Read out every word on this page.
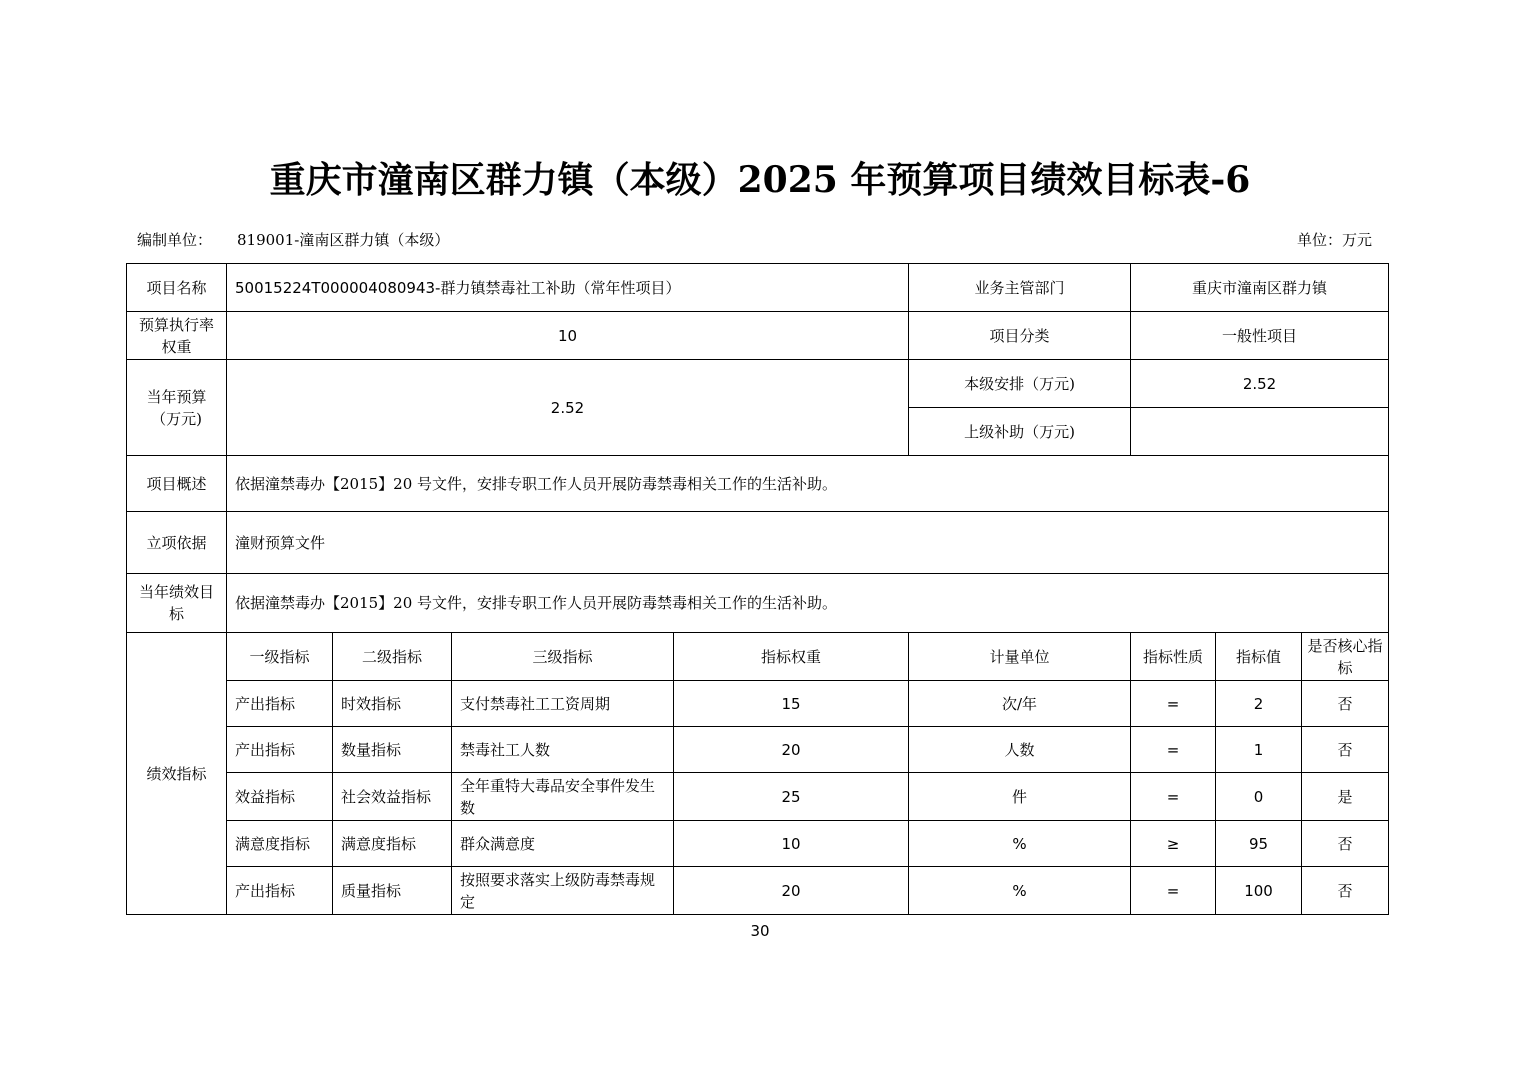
重庆市潼南区群力镇（本级）2025 年预算项目绩效目标表-6
编制单位： 819001-潼南区群力镇（本级）	单位：万元
项目名称	50015224T000004080943-群力镇禁毒社工补助（常年性项目）				业务主管部门	重庆市潼南区群力镇		
预算执行率权重	10				项目分类	一般性项目		
当年预算（万元)	2.52				本级安排（万元)	2.52		
					上级补助（万元)			
项目概述	依据潼禁毒办【2015】20 号文件，安排专职工作人员开展防毒禁毒相关工作的生活补助。							
立项依据	潼财预算文件							
当年绩效目标	依据潼禁毒办【2015】20 号文件，安排专职工作人员开展防毒禁毒相关工作的生活补助。							
绩效指标	一级指标	二级指标	三级指标	指标权重	计量单位	指标性质	指标值	是否核心指标
	产出指标	时效指标	支付禁毒社工工资周期	15	次/年	=	2	否
	产出指标	数量指标	禁毒社工人数	20	人数	=	1	否
	效益指标	社会效益指标	全年重特大毒品安全事件发生数	25	件	=	0	是
	满意度指标	满意度指标	群众满意度	10	%	≥	95	否
	产出指标	质量指标	按照要求落实上级防毒禁毒规定	20	%	=	100	否
30
